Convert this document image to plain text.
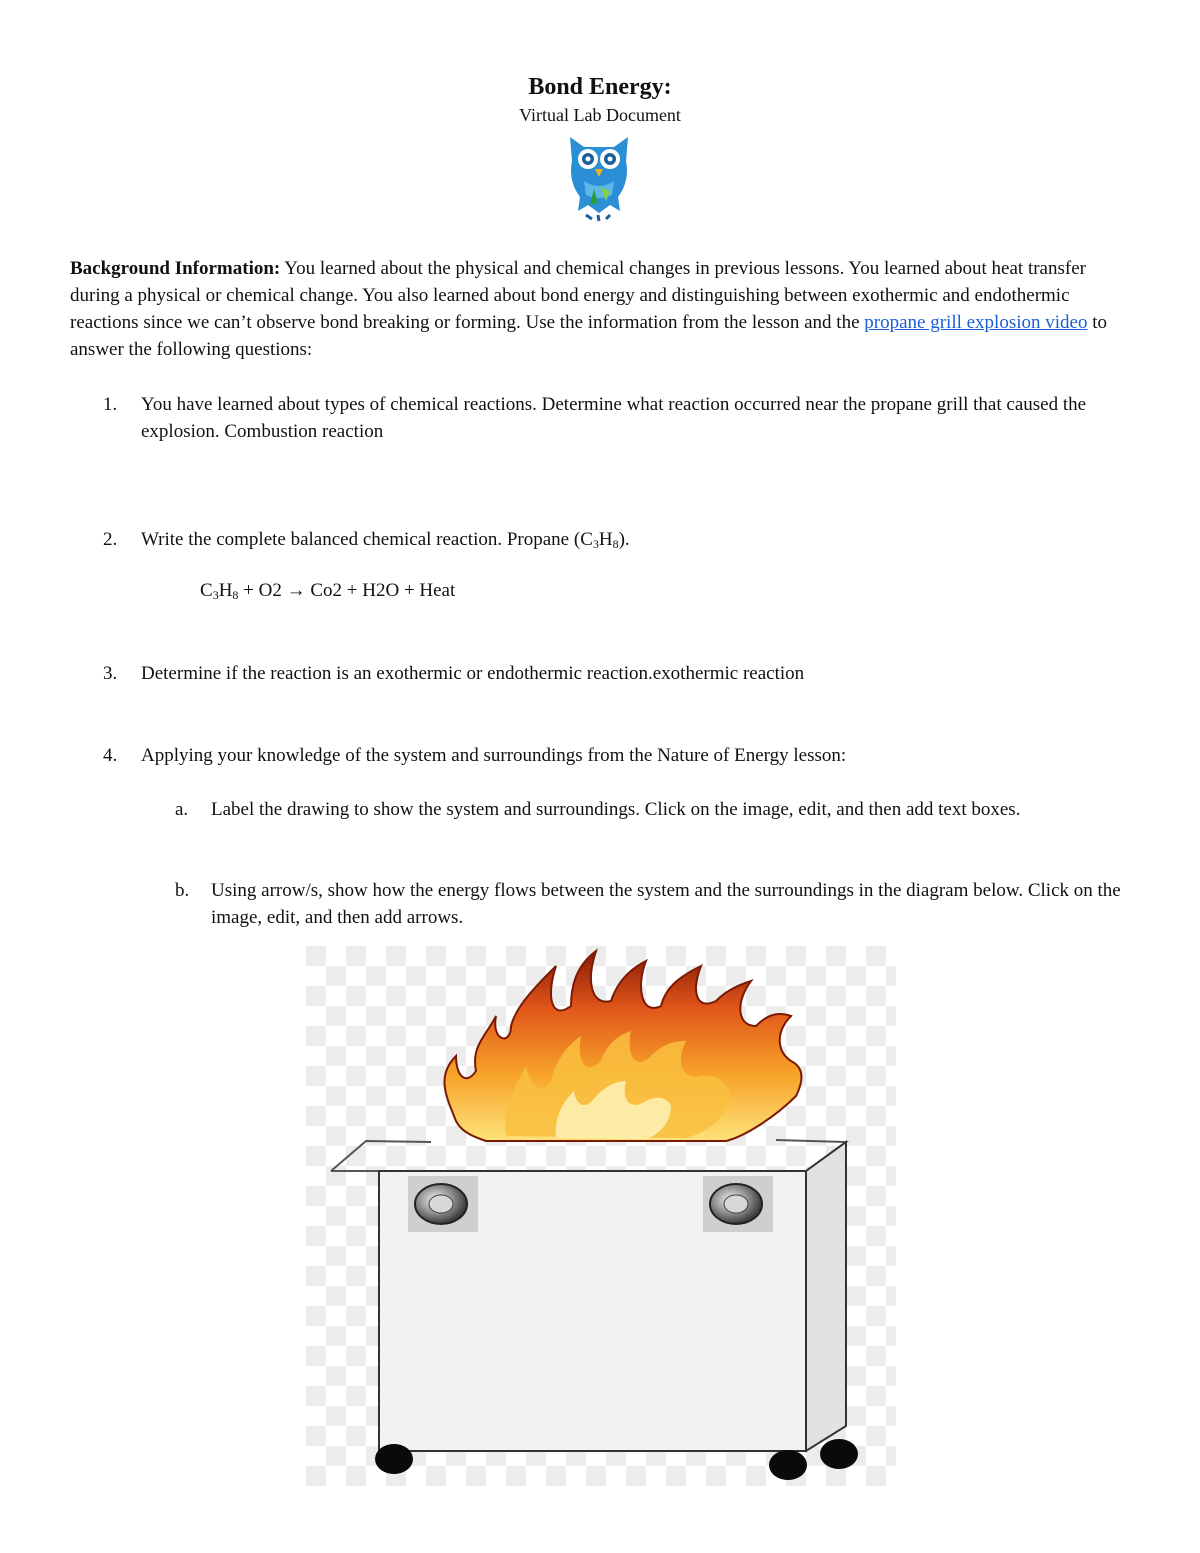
Bond Energy:
Virtual Lab Document
Background Information: You learned about the physical and chemical changes in previous lessons. You learned about heat transfer during a physical or chemical change. You also learned about bond energy and distinguishing between exothermic and endothermic reactions since we can’t observe bond breaking or forming. Use the information from the lesson and the propane grill explosion video to answer the following questions:
1.	You have learned about types of chemical reactions. Determine what reaction occurred near the propane grill that caused the explosion. Combustion reaction
2.	Write the complete balanced chemical reaction. Propane $(C_3H_8)$.
$C_3H_8 + O2 \to Co2 + H2O$ + Heat
3.	Determine if the reaction is an exothermic or endothermic reaction.exothermic reaction
4.	Applying your knowledge of the system and surroundings from the Nature of Energy lesson:
a.	Label the drawing to show the system and surroundings. Click on the image, edit, and then add text boxes.
b.	Using arrow/s, show how the energy flows between the system and the surroundings in the diagram below. Click on the image, edit, and then add arrows.
